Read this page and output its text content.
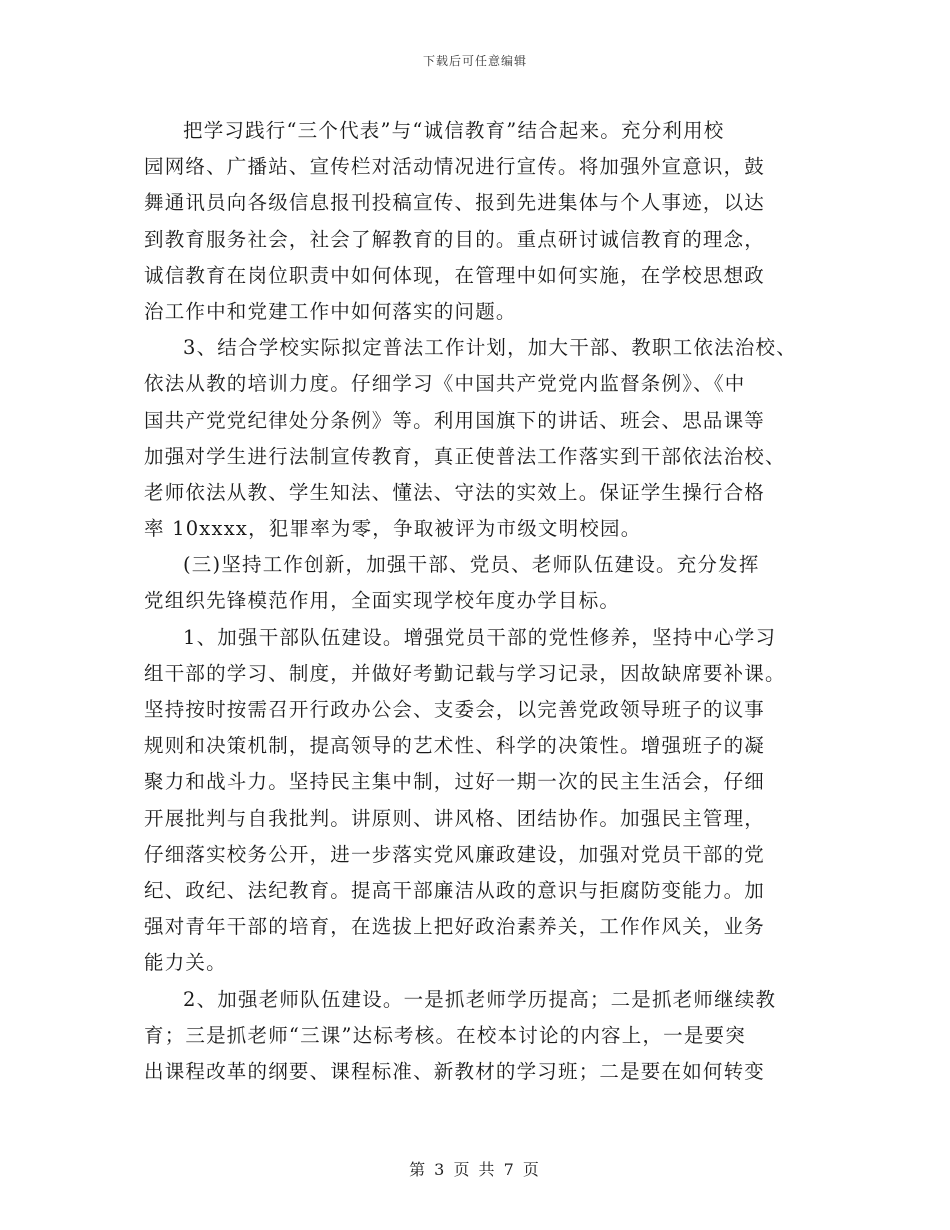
下载后可任意编辑
把学习践行“三个代表”与“诚信教育”结合起来。充分利用校
园网络、广播站、宣传栏对活动情况进行宣传。将加强外宣意识，鼓
舞通讯员向各级信息报刊投稿宣传、报到先进集体与个人事迹，以达
到教育服务社会，社会了解教育的目的。重点研讨诚信教育的理念，
诚信教育在岗位职责中如何体现，在管理中如何实施，在学校思想政
治工作中和党建工作中如何落实的问题。
3、结合学校实际拟定普法工作计划，加大干部、教职工依法治校、
依法从教的培训力度。仔细学习《中国共产党党内监督条例》、《中
国共产党党纪律处分条例》等。利用国旗下的讲话、班会、思品课等
加强对学生进行法制宣传教育，真正使普法工作落实到干部依法治校、
老师依法从教、学生知法、懂法、守法的实效上。保证学生操行合格
率 10xxxx，犯罪率为零，争取被评为市级文明校园。
(三)坚持工作创新，加强干部、党员、老师队伍建设。充分发挥
党组织先锋模范作用，全面实现学校年度办学目标。
1、加强干部队伍建设。增强党员干部的党性修养，坚持中心学习
组干部的学习、制度，并做好考勤记载与学习记录，因故缺席要补课。
坚持按时按需召开行政办公会、支委会，以完善党政领导班子的议事
规则和决策机制，提高领导的艺术性、科学的决策性。增强班子的凝
聚力和战斗力。坚持民主集中制，过好一期一次的民主生活会，仔细
开展批判与自我批判。讲原则、讲风格、团结协作。加强民主管理，
仔细落实校务公开，进一步落实党风廉政建设，加强对党员干部的党
纪、政纪、法纪教育。提高干部廉洁从政的意识与拒腐防变能力。加
强对青年干部的培育，在选拔上把好政治素养关，工作作风关，业务
能力关。
2、加强老师队伍建设。一是抓老师学历提高；二是抓老师继续教
育；三是抓老师“三课”达标考核。在校本讨论的内容上，一是要突
出课程改革的纲要、课程标准、新教材的学习班；二是要在如何转变
第 3 页 共 7 页
